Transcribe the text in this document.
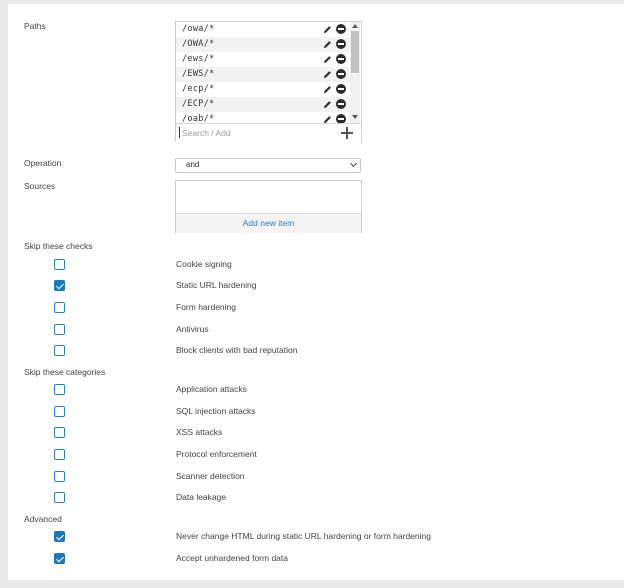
Paths	/owa/*
/OWA/*
/ews/*
/EWS/*
/ecp/*
/ECP/*
/oab/*
Search / Add
Operation	and
Sources
Add new item
Skip these checks
Cookie signing
Static URL hardening
Form hardening
Antivirus
Block clients with bad reputation
Skip these categories
Application attacks
SQL injection attacks
XSS attacks
Protocol enforcement
Scanner detection
Data leakage
Advanced
Never change HTML during static URL hardening or form hardening
Accept unhardened form data
